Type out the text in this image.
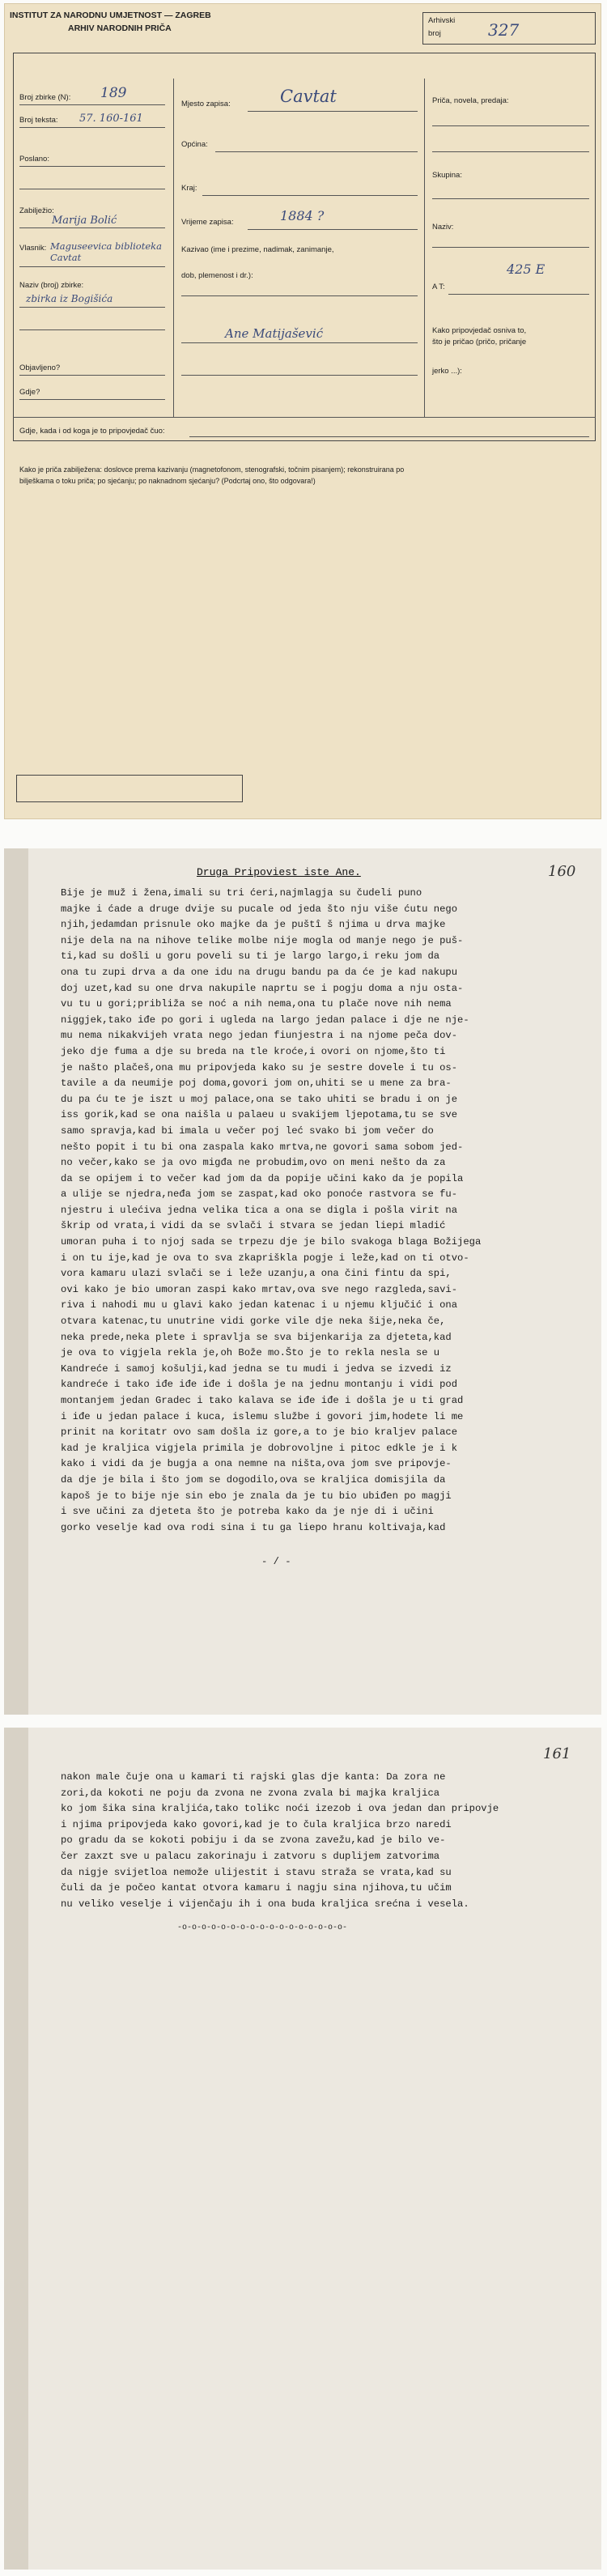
INSTITUT ZA NARODNU UMJETNOST — ZAGREB
ARHIV NARODNIH PRIČA
Arhivski
broj	327
Broj zbirke (N): 189
Broj teksta: 57. 160-161
Poslano:
Zabilježio:
Marija Bolić
Vlasnik: Maguseevica biblioteka Cavtat
Naziv (broj) zbirke:
zbirka iz Bogišića
Objavljeno?
Gdje?
Mjesto zapisa:	Cavtat
Općina:
Kraj:
Vrijeme zapisa:	1884 ?
Kazivao (ime i prezime, nadimak, zanimanje,
dob, plemenost i dr.):
Ane Matijašević
Priča, novela, predaja:
Skupina:
Naziv:
A T:
425 E
Kako pripovjedač osniva to,
što je pričao (pričo, pričanje
jerko ...):
Gdje, kada i od koga je to pripovjedač čuo:
Kako je priča zabilježena: doslovce prema kazivanju (magnetofonom, stenografski, točnim pisanjem); rekonstruirana po
bilješkama o toku priča; po sjećanju; po naknadnom sjećanju? (Podcrtaj ono, što odgovara!)
160
Druga Pripoviest iste Ane.
Bije je muž i žena,imali su tri ćeri,najmlagja su čudeli puno
majke i ćade a druge dvije su pucale od jeda što nju više ćutu nego
njih,jedamdan prisnule oko majke da je puštî š njima u drva majke
nije dela na na nihove telike molbe nije mogla od manje nego je puš-
ti,kad su došli u goru poveli su ti je largo largo,i reku jom da
ona tu zupi drva a da one idu na drugu bandu pa da će je kad nakupu
doj uzet,kad su one drva nakupile naprtu se i pogju doma a nju osta-
vu tu u gori;približa se noć a nih nema,ona tu plače nove nih nema
niggjek,tako iđe po gori i ugleda na largo jedan palace i dje ne nje-
mu nema nikakvijeh vrata nego jedan fiunjestra i na njome peča dov-
jeko dje fuma a dje su breda na tle kroće,i ovori on njome,što ti
je našto plačeš,ona mu pripovjeda kako su je sestre dovele i tu os-
tavile a da neumije poj doma,govori jom on,uhiti se u mene za bra-
du pa ću te je iszt u moj palace,ona se tako uhiti se bradu i on je
iss gorik,kad se ona naišla u palaeu u svakijem ljepotama,tu se sve
samo spravja,kad bi imala u večer poj leć svako bi jom večer do
nešto popit i tu bi ona zaspala kako mrtva,ne govori sama sobom jed-
no večer,kako se ja ovo migđa ne probudim,ovo on meni nešto da za
da se opijem i to večer kad jom da da popije učini kako da je popila
a ulije se njedra,neđa jom se zaspat,kad oko ponoće rastvora se fu-
njestru i ulećiva jedna velika tica a ona se digla i pošla virit na
škrip od vrata,i vidi da se svlači i stvara se jedan liepi mladić
umoran puha i to njoj sada se trpezu dje je bilo svakoga blaga Božijega
i on tu ije,kad je ova to sva zkapriškla pogje i leže,kad on ti otvo-
vora kamaru ulazi svlači se i leže uzanju,a ona čini fintu da spi,
ovi kako je bio umoran zaspi kako mrtav,ova sve nego razgleda,savi-
riva i nahodi mu u glavi kako jedan katenac i u njemu ključić i ona
otvara katenac,tu unutrine vidi gorke vile dje neka šije,neka če,
neka prede,neka plete i spravlja se sva bijenkarija za djeteta,kad
je ova to vigjela rekla je,oh Bože mo.Što je to rekla nesla se u
Kandreće i samoj košulji,kad jedna se tu mudi i jedva se izvedi iz
kandreće i tako iđe iđe iđe i došla je na jednu montanju i vidi pod
montanjem jedan Gradec i tako kalava se iđe iđe i došla je u ti grad
i iđe u jedan palace i kuca, islemu službe i govori jim,hodete li me
prinit na koritatr ovo sam došla iz gore,a to je bio kraljev palace
kad je kraljica vigjela primila je dobrovoljne i pitoc edkle je i k
kako i vidi da je bugja a ona nemne na ništa,ova jom sve pripovje-
da dje je bila i što jom se dogodilo,ova se kraljica domisjila da
kapoš je to bije nje sin ebo je znala da je tu bio ubiđen po magji
i sve učini za djeteta što je potreba kako da je nje di i učini
gorko veselje kad ova rodi sina i tu ga liepo hranu koltivaja,kad
- / -
161
nakon male čuje ona u kamari ti rajski glas dje kanta: Da zora ne
zori,da kokoti ne poju da zvona ne zvona zvala bi majka kraljica
ko jom šika sina kraljića,tako tolikc noći izezob i ova jedan dan pripovje
i njima pripovjeda kako govori,kad je to čula kraljica brzo naredi
po gradu da se kokoti pobiju i da se zvona zavežu,kad je bilo ve-
čer zaxzt sve u palacu zakorinaju i zatvoru s duplijem zatvorima
da nigje svijetloa nemože ulijestit i stavu straža se vrata,kad su
čuli da je počeo kantat otvora kamaru i nagju sina njihova,tu učim
nu veliko veselje i vijenčaju ih i ona buda kraljica srećna i vesela.
-o-o-o-o-o-o-o-o-o-o-o-o-o-o-o-o-o-
